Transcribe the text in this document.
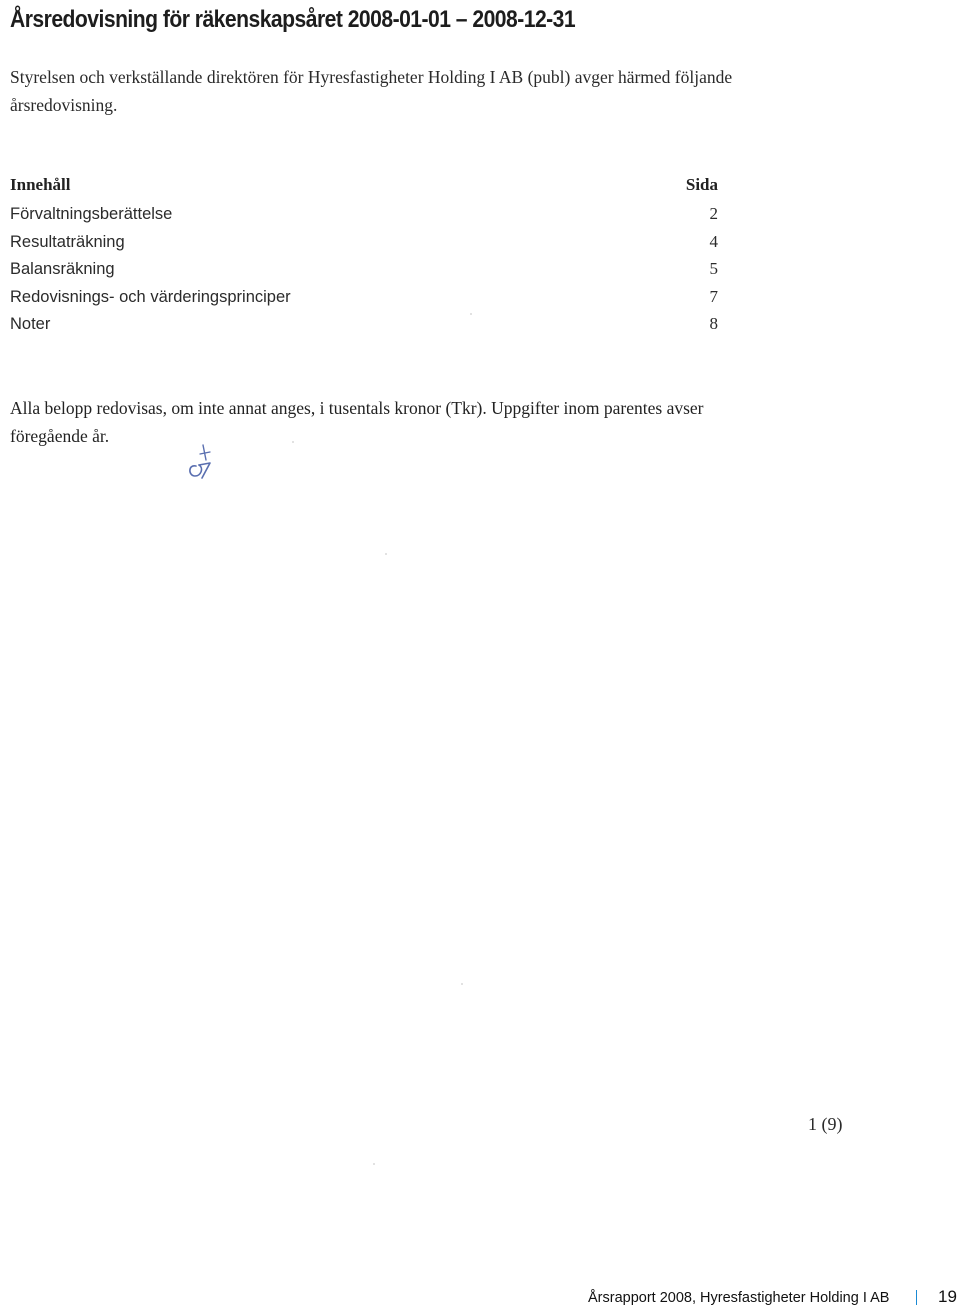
Årsredovisning för räkenskapsåret 2008-01-01 – 2008-12-31

Styrelsen och verkställande direktören för Hyresfastigheter Holding I AB (publ) avger härmed följande årsredovisning.

Innehåll	Sida
Förvaltningsberättelse	2
Resultaträkning	4
Balansräkning	5
Redovisnings- och värderingsprinciper	7
Noter	8

Alla belopp redovisas, om inte annat anges, i tusentals kronor (Tkr). Uppgifter inom parentes avser föregående år.

1 (9)
Årsrapport 2008, Hyresfastigheter Holding I AB	19
